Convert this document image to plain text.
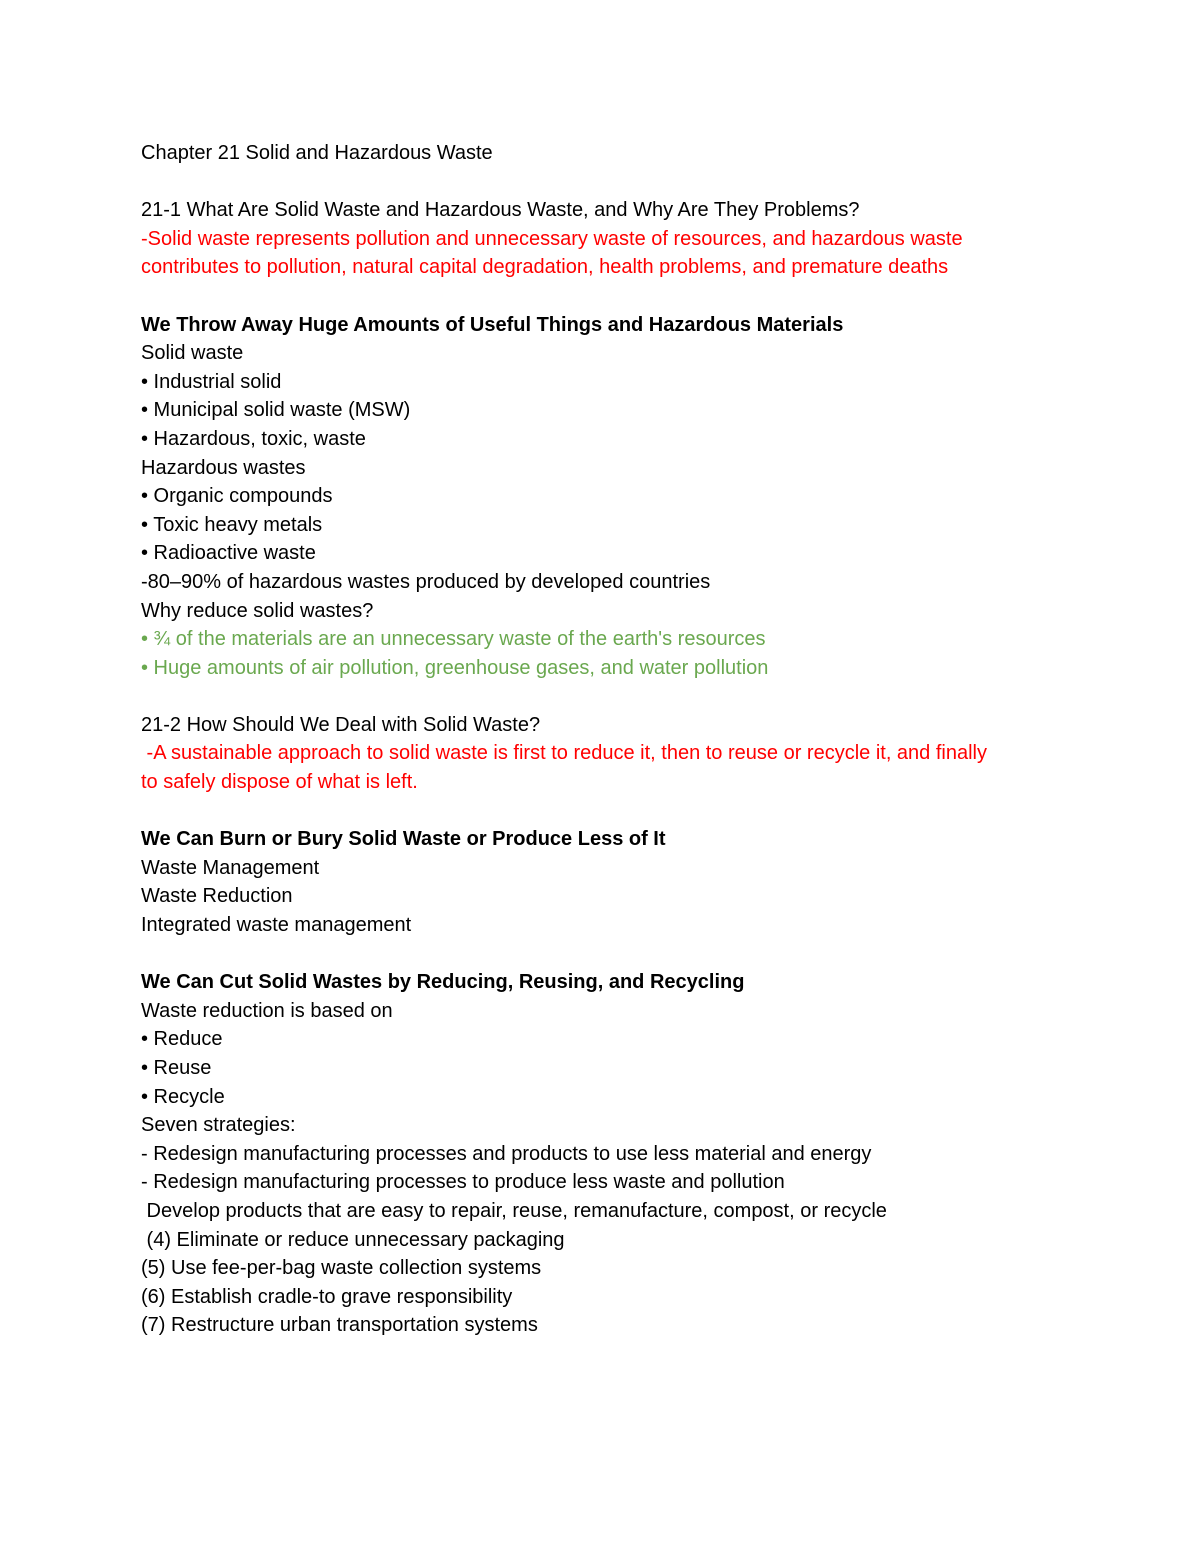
Chapter 21 Solid and Hazardous Waste

21-1 What Are Solid Waste and Hazardous Waste, and Why Are They Problems?

-Solid waste represents pollution and unnecessary waste of resources, and hazardous waste

contributes to pollution, natural capital degradation, health problems, and premature deaths

We Throw Away Huge Amounts of Useful Things and Hazardous Materials

Solid waste

• Industrial solid

• Municipal solid waste (MSW)

• Hazardous, toxic, waste

Hazardous wastes

• Organic compounds

• Toxic heavy metals

• Radioactive waste

-80–90% of hazardous wastes produced by developed countries

Why reduce solid wastes?

• ¾ of the materials are an unnecessary waste of the earth's resources

• Huge amounts of air pollution, greenhouse gases, and water pollution

21-2 How Should We Deal with Solid Waste?

-A sustainable approach to solid waste is first to reduce it, then to reuse or recycle it, and finally

to safely dispose of what is left.

We Can Burn or Bury Solid Waste or Produce Less of It

Waste Management

Waste Reduction

Integrated waste management

We Can Cut Solid Wastes by Reducing, Reusing, and Recycling

Waste reduction is based on

• Reduce

• Reuse

• Recycle

Seven strategies:

- Redesign manufacturing processes and products to use less material and energy

- Redesign manufacturing processes to produce less waste and pollution

Develop products that are easy to repair, reuse, remanufacture, compost, or recycle

(4) Eliminate or reduce unnecessary packaging

(5) Use fee-per-bag waste collection systems

(6) Establish cradle-to grave responsibility

(7) Restructure urban transportation systems
